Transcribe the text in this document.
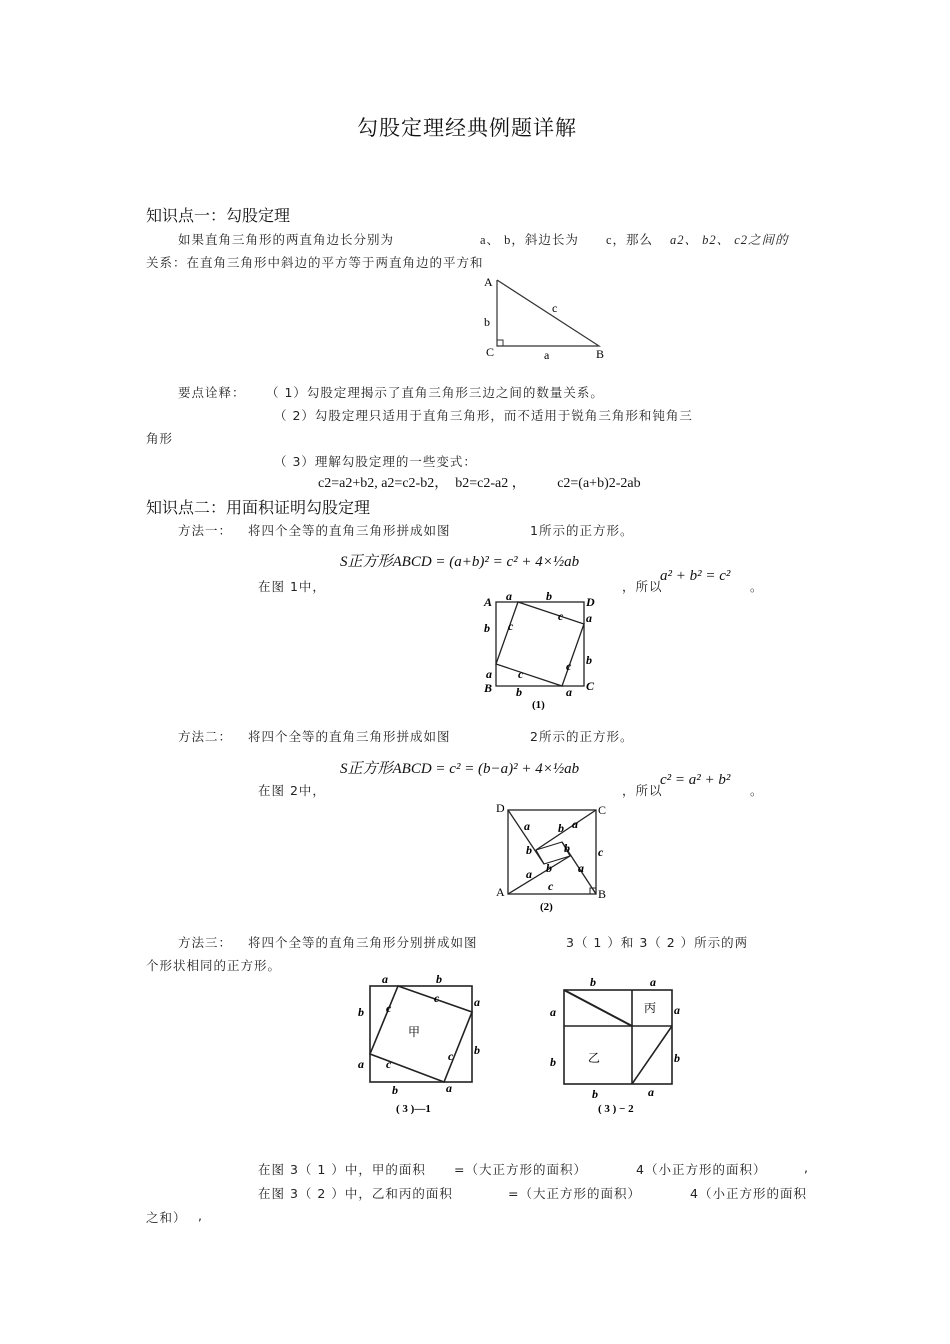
勾股定理经典例题详解
知识点一：勾股定理
如果直角三角形的两直角边长分别为	a、 b，斜边长为 c，那么 a2、 b2、 c2之间的
关系：在直角三角形中斜边的平方等于两直角边的平方和
A
C	B
b
a
c
要点诠释： （ 1）勾股定理揭示了直角三角形三边之间的数量关系。
（ 2）勾股定理只适用于直角三角形，而不适用于锐角三角形和钝角三
角形
（ 3）理解勾股定理的一些变式：
c2=a2+b2, a2=c2-b2，  b2=c2-a2 ，         c2=(a+b)2-2ab
知识点二：用面积证明勾股定理
方法一： 将四个全等的直角三角形拼成如图	1所示的正方形。
S正方形ABCD = (a+b)² = c² + 4×½ab
在图 1中，	，所以
a² + b² = c²
。
A	D
B	C
a	b
a
b
b
a
b	a
c
c
c
c
(1)
方法二： 将四个全等的直角三角形拼成如图	2所示的正方形。
S正方形ABCD = c² = (b−a)² + 4×½ab
在图 2中，	，所以
c² = a² + b²
。
D	C
A	B
a b a
b	b c
a b a
c
(2)
方法三： 将四个全等的直角三角形分别拼成如图	3（ 1 ）和 3（ 2 ）所示的两
个形状相同的正方形。
甲
a	b
a
b
b
a
b	a
c
c
c
c
( 3 )—1
丙
乙
b	a
a	a
b	b
b	a
( 3 ) − 2
在图 3（ 1 ）中，甲的面积 =（大正方形的面积）	4（小正方形的面积）	,
在图 3（ 2 ）中，乙和丙的面积	=（大正方形的面积）	4（小正方形的面积
之和） ,
